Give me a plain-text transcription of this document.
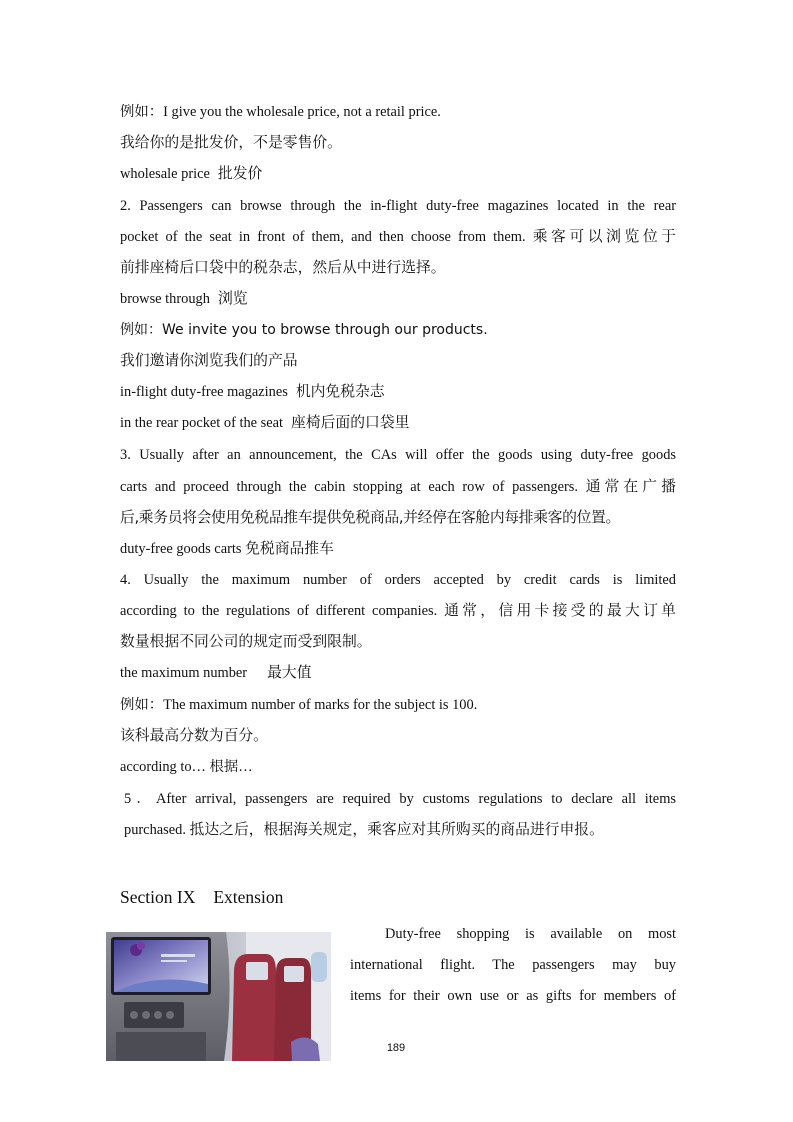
例如：I give you the wholesale price, not a retail price.
我给你的是批发价，不是零售价。
wholesale price 批发价
2. Passengers can browse through the in-flight duty-free magazines located in the rear
pocket of the seat in front of them, and then choose from them. 乘客可以浏览位于
前排座椅后口袋中的税杂志，然后从中进行选择。
browse through 浏览
例如：We invite you to browse through our products.
我们邀请你浏览我们的产品
in-flight duty-free magazines 机内免税杂志
in the rear pocket of the seat 座椅后面的口袋里
3. Usually after an announcement, the CAs will offer the goods using duty-free goods
carts and proceed through the cabin stopping at each row of passengers. 通常在广播
后,乘务员将会使用免税品推车提供免税商品,并经停在客舱内每排乘客的位置。
duty-free goods carts 免税商品推车
4. Usually the maximum number of orders accepted by credit cards is limited
according to the regulations of different companies. 通常，信用卡接受的最大订单
数量根据不同公司的规定而受到限制。
the maximum number 最大值
例如：The maximum number of marks for the subject is 100.
该科最高分数为百分。
according to… 根据…
5．After arrival, passengers are required by customs regulations to declare all items
purchased. 抵达之后，根据海关规定，乘客应对其所购买的商品进行申报。
Section IX Extension
Duty-free shopping is available on most
international flight. The passengers may buy
items for their own use or as gifts for members of
189
